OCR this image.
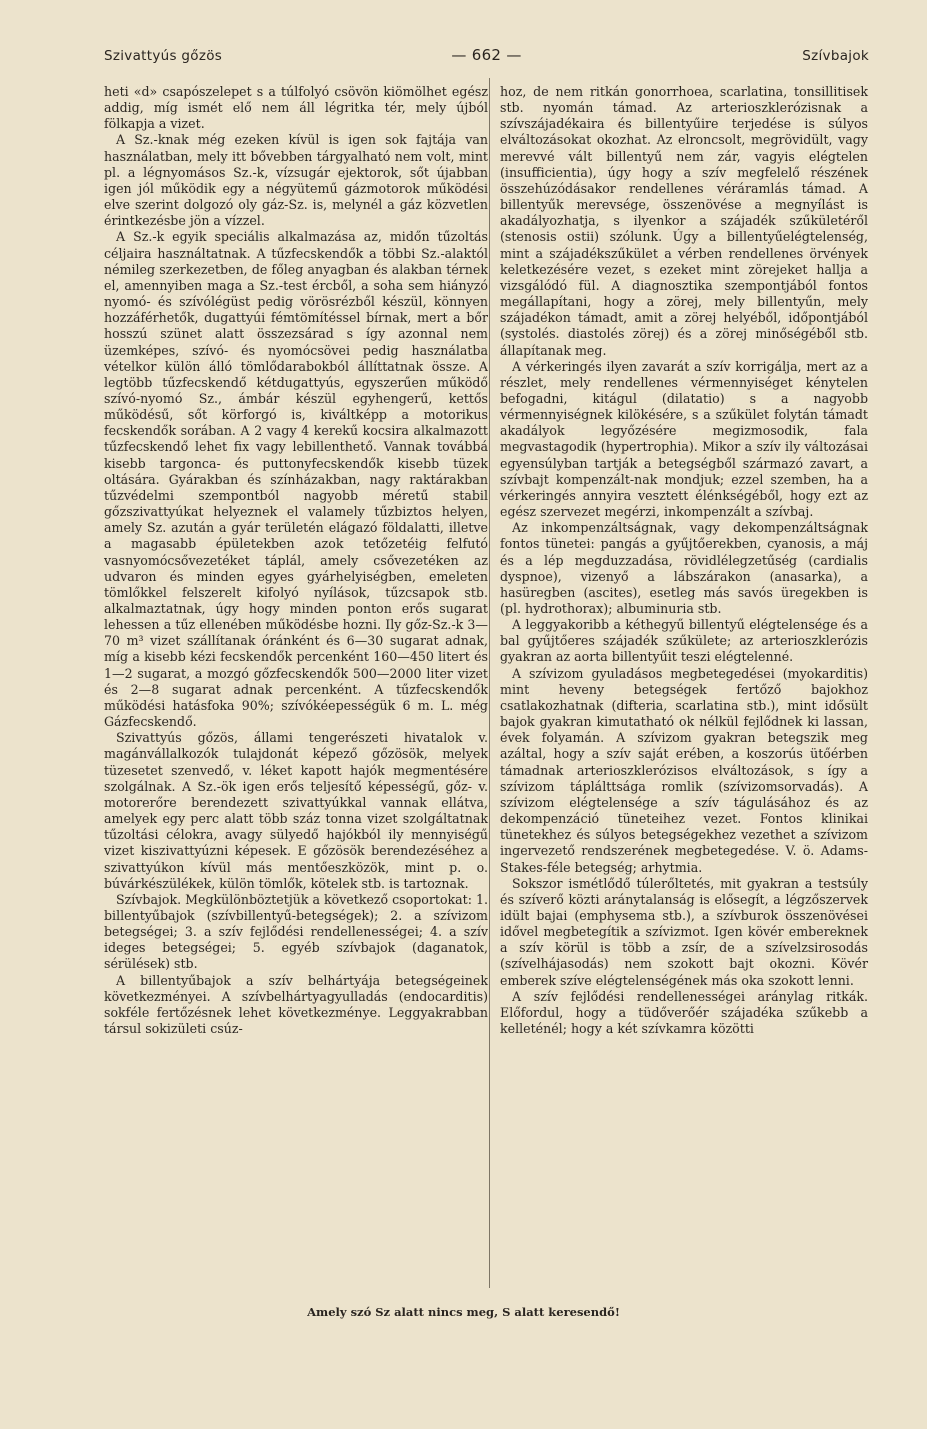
Szivattyús gőzös	— 662 —	Szívbajok

heti «d» csapószelepet s a túlfolyó csövön kiömölhet egész addig, míg ismét elő nem áll légritka tér, mely újból fölkapja a vizet.

A Sz.-knak még ezeken kívül is igen sok fajtája van használatban, mely itt bővebben tárgyalható nem volt, mint pl. a légnyomásos Sz.-k, vízsugár ejektorok, sőt újabban igen jól működik egy a négyütemű gázmotorok működési elve szerint dolgozó oly gáz-Sz. is, melynél a gáz közvetlen érintkezésbe jön a vízzel.

A Sz.-k egyik speciális alkalmazása az, midőn tűzoltás céljaira használtatnak. A tűzfecskendők a többi Sz.-alaktól némileg szerkezetben, de főleg anyagban és alakban térnek el, amennyiben maga a Sz.-test ércből, a soha sem hiányzó nyomó- és szívólégüst pedig vörösrézből készül, könnyen hozzáférhetők, dugattyúi fémtömítéssel bírnak, mert a bőr hosszú szünet alatt összezsárad s így azonnal nem üzemképes, szívó- és nyomócsövei pedig használatba vételkor külön álló tömlődarabokból állíttatnak össze. A legtöbb tűzfecskendő kétdugattyús, egyszerűen működő szívó-nyomó Sz., ámbár készül egyhengerű, kettős működésű, sőt körforgó is, kiváltképp a motorikus fecskendők sorában. A 2 vagy 4 kerekű kocsira alkalmazott tűzfecskendő lehet fix vagy lebillenthető. Vannak továbbá kisebb targonca- és puttonyfecskendők kisebb tüzek oltására. Gyárakban és színházakban, nagy raktárakban tűzvédelmi szempontból nagyobb méretű stabil gőzszivattyúkat helyeznek el valamely tűzbiztos helyen, amely Sz. azután a gyár területén elágazó földalatti, illetve a magasabb épületekben azok tetőzetéig felfutó vasnyomócsővezetéket táplál, amely csővezetéken az udvaron és minden egyes gyárhelyiségben, emeleten tömlőkkel felszerelt kifolyó nyílások, tűzcsapok stb. alkalmaztatnak, úgy hogy minden ponton erős sugarat lehessen a tűz ellenében működésbe hozni. Ily gőz-Sz.-k 3—70 m³ vizet szállítanak óránként és 6—30 sugarat adnak, míg a kisebb kézi fecskendők percenként 160—450 litert és 1—2 sugarat, a mozgó gőzfecskendők 500—2000 liter vizet és 2—8 sugarat adnak percenként. A tűzfecskendők működési hatásfoka 90%; szívókéepességük 6 m. L. még Gázfecskendő.

Szivattyús gőzös, állami tengerészeti hivatalok v. magánvállalkozók tulajdonát képező gőzösök, melyek tüzesetet szenvedő, v. léket kapott hajók megmentésére szolgálnak. A Sz.-ök igen erős teljesítő képességű, gőz- v. motorerőre berendezett szivattyúkkal vannak ellátva, amelyek egy perc alatt több száz tonna vizet szolgáltatnak tűzoltási célokra, avagy sülyedő hajókból ily mennyiségű vizet kiszivattyúzni képesek. E gőzösök berendezéséhez a szivattyúkon kívül más mentőeszközök, mint p. o. búvárkészülékek, külön tömlők, kötelek stb. is tartoznak.

Szívbajok. Megkülönböztetjük a következő csoportokat: 1. billentyűbajok (szívbillentyű-betegségek); 2. a szívizom betegségei; 3. a szív fejlődési rendellenességei; 4. a szív ideges betegségei; 5. egyéb szívbajok (daganatok, sérülések) stb.

A billentyűbajok a szív belhártyája betegségeinek következményei. A szívbelhártyagyulladás (endocarditis) sokféle fertőzésnek lehet következménye. Leggyakrabban társul sokizületi csúz-

hoz, de nem ritkán gonorrhoea, scarlatina, tonsillitisek stb. nyomán támad. Az arterioszklerózisnak a szívszájadékaira és billentyűire terjedése is súlyos elváltozásokat okozhat. Az elroncsolt, megrövidült, vagy merevvé vált billentyű nem zár, vagyis elégtelen (insufficientia), úgy hogy a szív megfelelő részének összehúzódásakor rendellenes véráramlás támad. A billentyűk merevsége, összenövése a megnyílást is akadályozhatja, s ilyenkor a szájadék szűkületéről (stenosis ostii) szólunk. Úgy a billentyűelégtelenség, mint a szájadékszűkület a vérben rendellenes örvények keletkezésére vezet, s ezeket mint zörejeket hallja a vizsgálódó fül. A diagnosztika szempontjából fontos megállapítani, hogy a zörej, mely billentyűn, mely szájadékon támadt, amit a zörej helyéből, időpontjából (systolés. diastolés zörej) és a zörej minőségéből stb. állapítanak meg.

A vérkeringés ilyen zavarát a szív korrigálja, mert az a részlet, mely rendellenes vérmennyiséget kénytelen befogadni, kitágul (dilatatio) s a nagyobb vérmennyiségnek kilökésére, s a szűkület folytán támadt akadályok legyőzésére megizmosodik, fala megvastagodik (hypertrophia). Mikor a szív ily változásai egyensúlyban tartják a betegségből származó zavart, a szívbajt kompenzált-nak mondjuk; ezzel szemben, ha a vérkeringés annyira vesztett élénkségéből, hogy ezt az egész szervezet megérzi, inkompenzált a szívbaj.

Az inkompenzáltságnak, vagy dekompenzáltságnak fontos tünetei: pangás a gyűjtőerekben, cyanosis, a máj és a lép megduzzadása, rövidlélegzetűség (cardialis dyspnoe), vizenyő a lábszárakon (anasarka), a hasüregben (ascites), esetleg más savós üregekben is (pl. hydrothorax); albuminuria stb.

A leggyakoribb a kéthegyű billentyű elégtelensége és a bal gyűjtőeres szájadék szűkülete; az arterioszklerózis gyakran az aorta billentyűit teszi elégtelenné.

A szívizom gyuladásos megbetegedései (myokarditis) mint heveny betegségek fertőző bajokhoz csatlakozhatnak (difteria, scarlatina stb.), mint idősült bajok gyakran kimutatható ok nélkül fejlődnek ki lassan, évek folyamán. A szívizom gyakran betegszik meg azáltal, hogy a szív saját erében, a koszorús ütőérben támadnak arterioszklerózisos elváltozások, s így a szívizom táplálttsága romlik (szívizomsorvadás). A szívizom elégtelensége a szív tágulásához és az dekompenzáció tüneteihez vezet. Fontos klinikai tünetekhez és súlyos betegségekhez vezethet a szívizom ingervezető rendszerének megbetegedése. V. ö. Adams-Stakes-féle betegség; arhytmia.

Sokszor ismétlődő túlerőltetés, mit gyakran a testsúly és szíverő közti aránytalanság is elősegít, a légzőszervek idült bajai (emphysema stb.), a szívburok összenövései idővel megbetegítik a szívizmot. Igen kövér embereknek a szív körül is több a zsír, de a szívelzsirosodás (szívelhájasodás) nem szokott bajt okozni. Kövér emberek szíve elégtelenségének más oka szokott lenni.

A szív fejlődési rendellenességei aránylag ritkák. Előfordul, hogy a tüdőverőér szájadéka szűkebb a kelleténél; hogy a két szívkamra közötti

Amely szó Sz alatt nincs meg, S alatt keresendő!
